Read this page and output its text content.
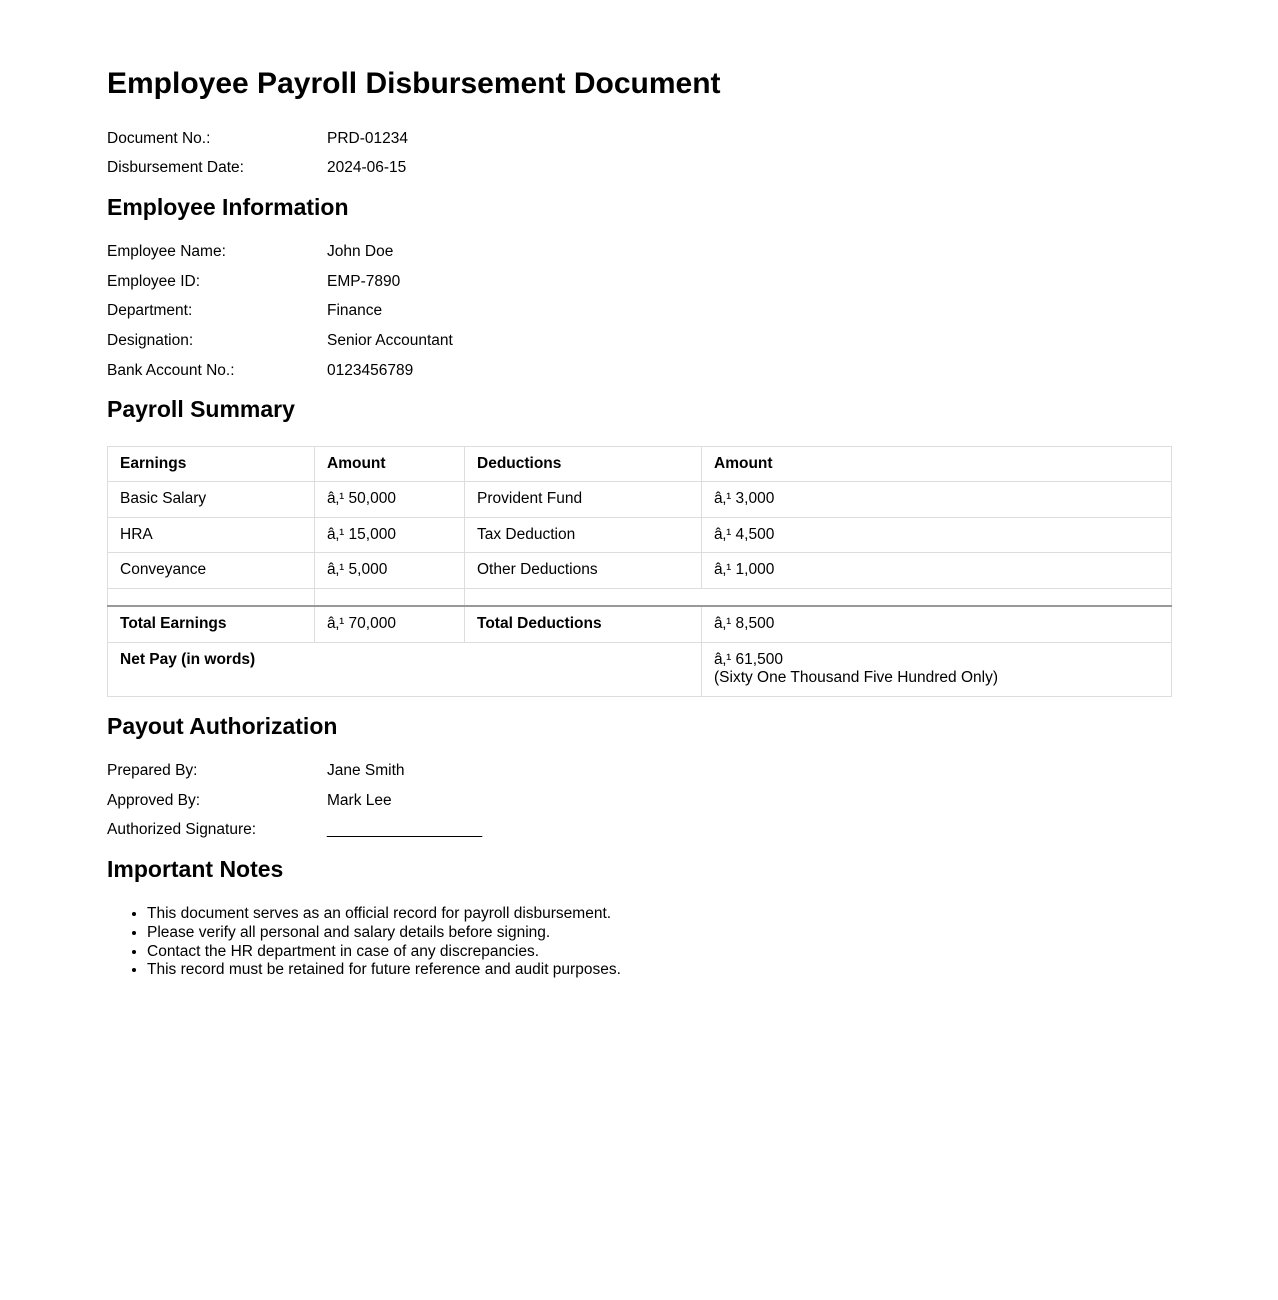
Employee Payroll Disbursement Document
Document No.:	PRD-01234
Disbursement Date:	2024-06-15
Employee Information
Employee Name:	John Doe
Employee ID:	EMP-7890
Department:	Finance
Designation:	Senior Accountant
Bank Account No.:	0123456789
Payroll Summary
Earnings	Amount	Deductions	Amount
Basic Salary	â‚¹ 50,000	Provident Fund	â‚¹ 3,000
HRA	â‚¹ 15,000	Tax Deduction	â‚¹ 4,500
Conveyance	â‚¹ 5,000	Other Deductions	â‚¹ 1,000

Total Earnings	â‚¹ 70,000	Total Deductions	â‚¹ 8,500
Net Pay (in words)			â‚¹ 61,500
(Sixty One Thousand Five Hundred Only)
Payout Authorization
Prepared By:	Jane Smith
Approved By:	Mark Lee
Authorized Signature:	__________________
Important Notes
• This document serves as an official record for payroll disbursement.
• Please verify all personal and salary details before signing.
• Contact the HR department in case of any discrepancies.
• This record must be retained for future reference and audit purposes.
